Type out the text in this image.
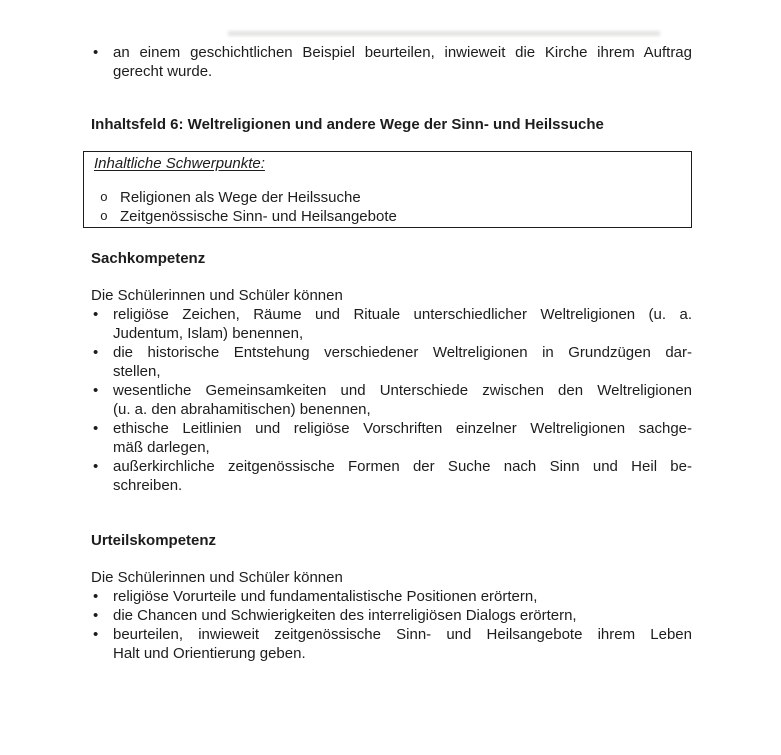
• an einem geschichtlichen Beispiel beurteilen, inwieweit die Kirche ihrem Auftrag
gerecht wurde.
Inhaltsfeld 6: Weltreligionen und andere Wege der Sinn- und Heilssuche
Inhaltliche Schwerpunkte:
o Religionen als Wege der Heilssuche
o Zeitgenössische Sinn- und Heilsangebote
Sachkompetenz

Die Schülerinnen und Schüler können

• religiöse Zeichen, Räume und Rituale unterschiedlicher Weltreligionen (u. a.
Judentum, Islam) benennen,
• die historische Entstehung verschiedener Weltreligionen in Grundzügen dar-
stellen,
• wesentliche Gemeinsamkeiten und Unterschiede zwischen den Weltreligionen
(u. a. den abrahamitischen) benennen,
• ethische Leitlinien und religiöse Vorschriften einzelner Weltreligionen sachge-
mäß darlegen,
• außerkirchliche zeitgenössische Formen der Suche nach Sinn und Heil be-
schreiben.
Urteilskompetenz

Die Schülerinnen und Schüler können

• religiöse Vorurteile und fundamentalistische Positionen erörtern,
• die Chancen und Schwierigkeiten des interreligiösen Dialogs erörtern,
• beurteilen, inwieweit zeitgenössische Sinn- und Heilsangebote ihrem Leben
Halt und Orientierung geben.
